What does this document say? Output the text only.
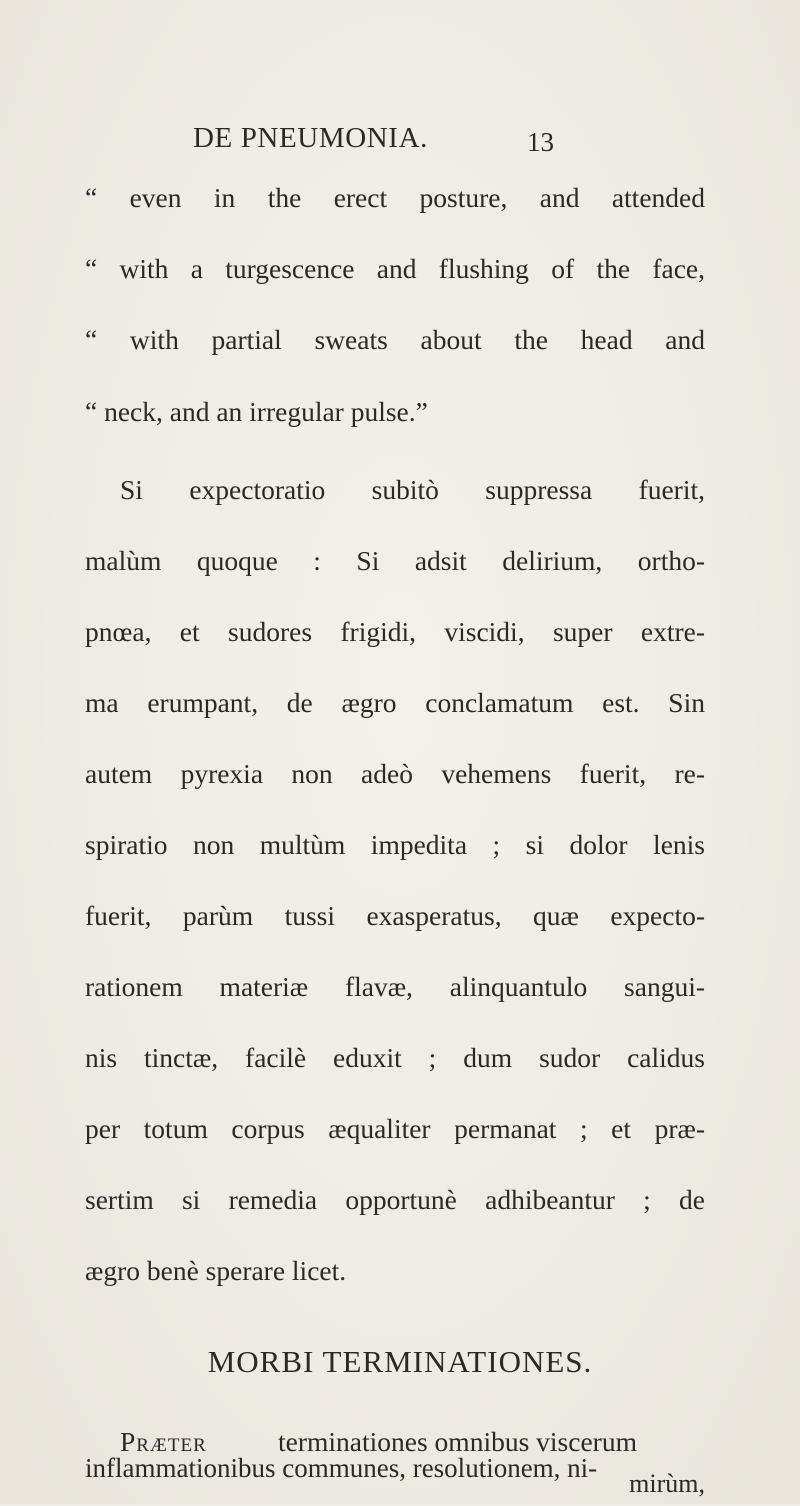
DE PNEUMONIA.	13
“ even in the erect posture, and attended
“ with a turgescence and flushing of the face,
“ with partial sweats about the head and
“ neck, and an irregular pulse.”
Si expectoratio subitò suppressa fuerit,
malùm quoque : Si adsit delirium, ortho-
pnœa, et sudores frigidi, viscidi, super extre-
ma erumpant, de ægro conclamatum est. Sin
autem pyrexia non adeò vehemens fuerit, re-
spiratio non multùm impedita ; si dolor lenis
fuerit, parùm tussi exasperatus, quæ expecto-
rationem materiæ flavæ, alinquantulo sangui-
nis tinctæ, facilè eduxit ; dum sudor calidus
per totum corpus æqualiter permanat ; et præ-
sertim si remedia opportunè adhibeantur ; de
ægro benè sperare licet.
MORBI TERMINATIONES.
Præter	terminationes omnibus viscerum
inflammationibus communes, resolutionem, ni-
mirùm,
